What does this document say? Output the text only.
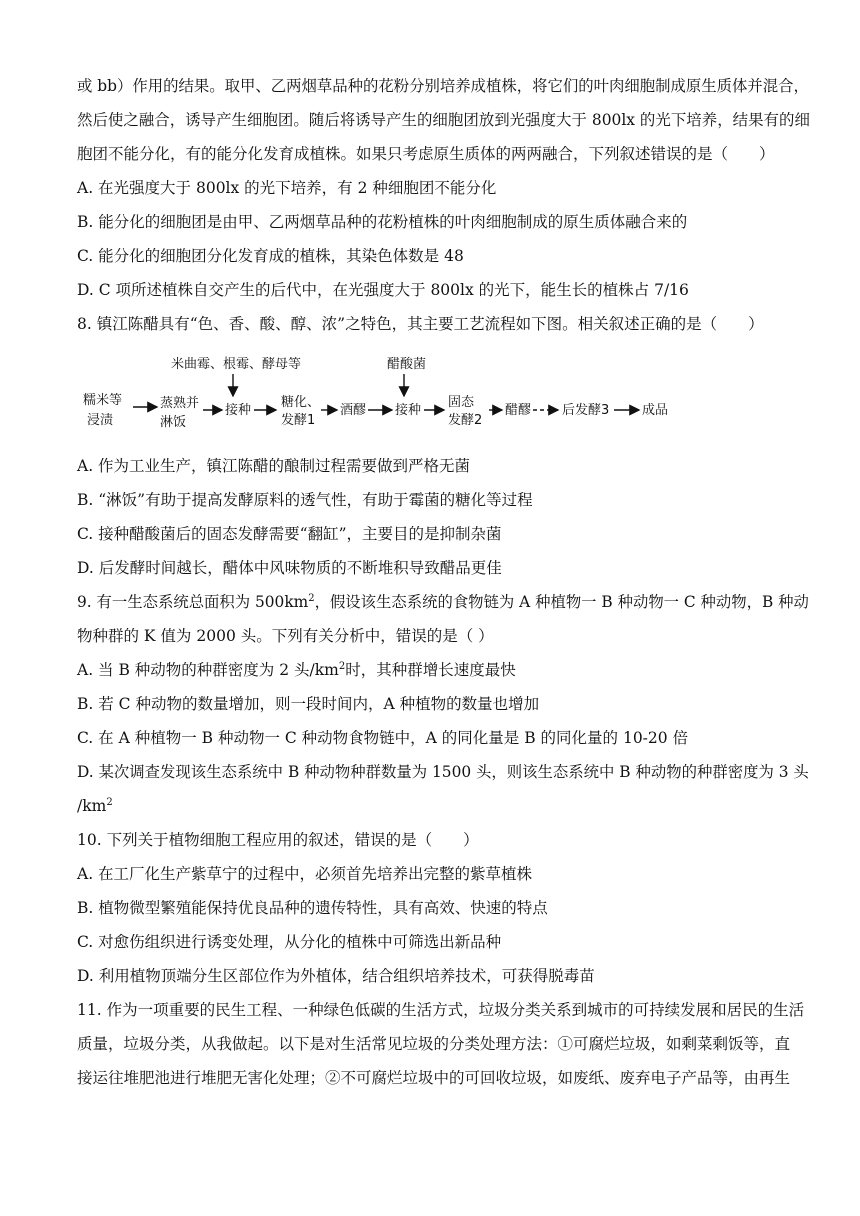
或 bb）作用的结果。取甲、乙两烟草品种的花粉分别培养成植株，将它们的叶肉细胞制成原生质体并混合，
然后使之融合，诱导产生细胞团。随后将诱导产生的细胞团放到光强度大于 800lx 的光下培养，结果有的细
胞团不能分化，有的能分化发育成植株。如果只考虑原生质体的两两融合，下列叙述错误的是（　　）
A. 在光强度大于 800lx 的光下培养，有 2 种细胞团不能分化
B. 能分化的细胞团是由甲、乙两烟草品种的花粉植株的叶肉细胞制成的原生质体融合来的
C. 能分化的细胞团分化发育成的植株，其染色体数是 48
D. C 项所述植株自交产生的后代中，在光强度大于 800lx 的光下，能生长的植株占 7/16
8. 镇江陈醋具有“色、香、酸、醇、浓”之特色，其主要工艺流程如下图。相关叙述正确的是（　　）
米曲霉、根霉、酵母等	醋酸菌
糯米等
浸渍
蒸熟并
淋饭
接种
糖化、
发酵1
酒醪 接种
固态
发酵2
醋醪 后发酵3	成品
A. 作为工业生产，镇江陈醋的酿制过程需要做到严格无菌
B. “淋饭”有助于提高发酵原料的透气性，有助于霉菌的糖化等过程
C. 接种醋酸菌后的固态发酵需要“翻缸”，主要目的是抑制杂菌
D. 后发酵时间越长，醋体中风味物质的不断堆积导致醋品更佳
9. 有一生态系统总面积为 $500km^2$，假设该生态系统的食物链为 A 种植物一 B 种动物一 C 种动物，B 种动
物种群的 K 值为 2000 头。下列有关分析中，错误的是（ ）
A. 当 B 种动物的种群密度为 2 头$/km^2$时，其种群增长速度最快
B. 若 C 种动物的数量增加，则一段时间内，A 种植物的数量也增加
C. 在 A 种植物一 B 种动物一 C 种动物食物链中，A 的同化量是 B 的同化量的 10-20 倍
D. 某次调查发现该生态系统中 B 种动物种群数量为 1500 头，则该生态系统中 B 种动物的种群密度为 3 头
$/km^2$
10. 下列关于植物细胞工程应用的叙述，错误的是（　　）
A. 在工厂化生产紫草宁的过程中，必须首先培养出完整的紫草植株
B. 植物微型繁殖能保持优良品种的遗传特性，具有高效、快速的特点
C. 对愈伤组织进行诱变处理，从分化的植株中可筛选出新品种
D. 利用植物顶端分生区部位作为外植体，结合组织培养技术，可获得脱毒苗
11. 作为一项重要的民生工程、一种绿色低碳的生活方式，垃圾分类关系到城市的可持续发展和居民的生活
质量，垃圾分类，从我做起。以下是对生活常见垃圾的分类处理方法：①可腐烂垃圾，如剩菜剩饭等，直
接运往堆肥池进行堆肥无害化处理；②不可腐烂垃圾中的可回收垃圾，如废纸、废弃电子产品等，由再生
